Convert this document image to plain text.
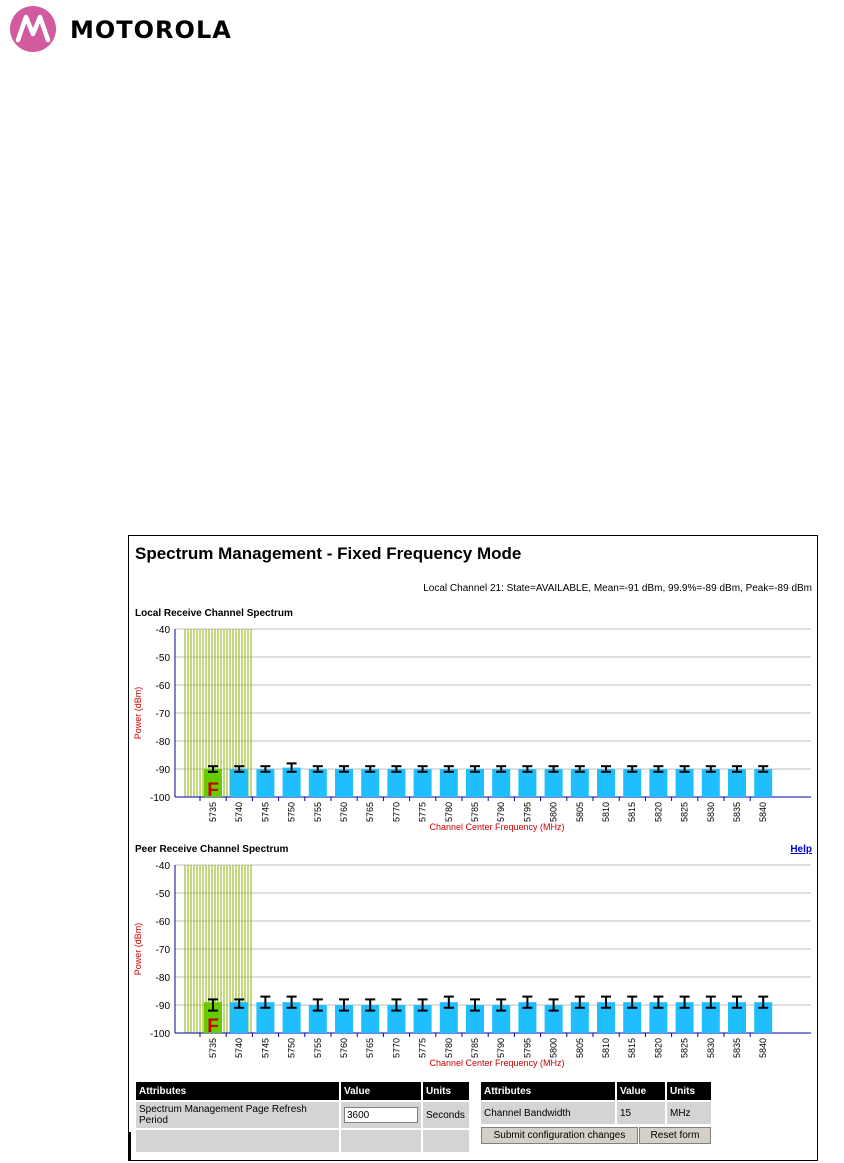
MOTOROLA
Spectrum Management - Fixed Frequency Mode
Local Channel 21: State=AVAILABLE, Mean=-91 dBm, 99.9%=-89 dBm, Peak=-89 dBm
Local Receive Channel Spectrum
-40
-50
-60
-70
-80
-90
-100
5735
F
5740 5745 5750 5755 5760 5765 5770 5775 5780 5785 5790 5795 5800 5805 5810 5815 5820 5825 5830 5835 5840
Power (dBm)
Channel Center Frequency (MHz)
Peer Receive Channel Spectrum	Help
-40
-50
-60
-70
-80
-90
-100
5735
F
5740 5745 5750 5755 5760 5765 5770 5775 5780 5785 5790 5795 5800 5805 5810 5815 5820 5825 5830 5835 5840
Power (dBm)
Channel Center Frequency (MHz)
Attributes	Value	Units
Spectrum Management Page Refresh Period	3600	Seconds

Attributes	Value	Units
Channel Bandwidth	15	MHz
Submit configuration changes		Reset form
